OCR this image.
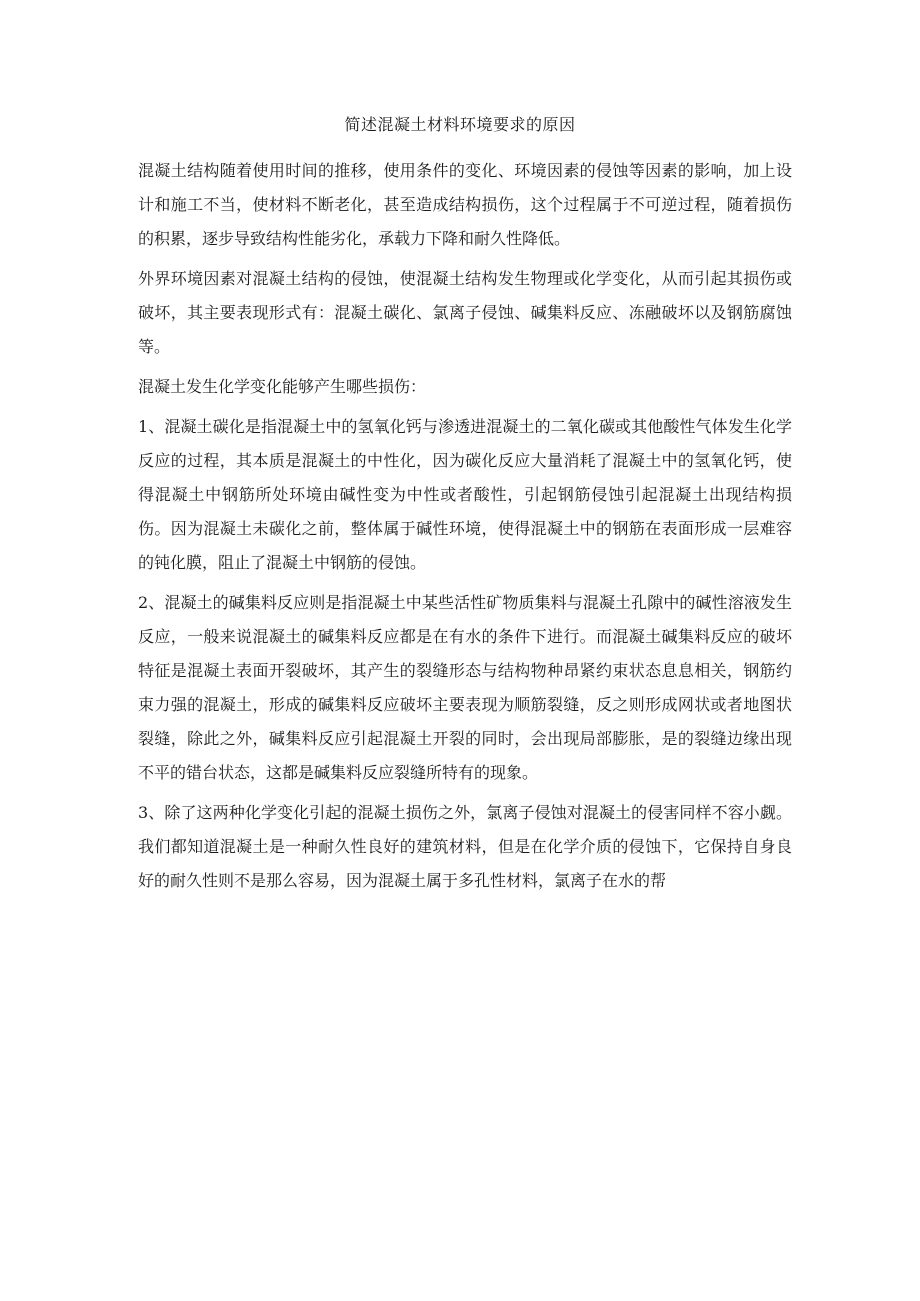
简述混凝土材料环境要求的原因

混凝土结构随着使用时间的推移，使用条件的变化、环境因素的侵蚀等因素的影响，加上设计和施工不当，使材料不断老化，甚至造成结构损伤，这个过程属于不可逆过程，随着损伤的积累，逐步导致结构性能劣化，承载力下降和耐久性降低。

外界环境因素对混凝土结构的侵蚀，使混凝土结构发生物理或化学变化，从而引起其损伤或破坏，其主要表现形式有：混凝土碳化、氯离子侵蚀、碱集料反应、冻融破坏以及钢筋腐蚀等。

混凝土发生化学变化能够产生哪些损伤：

1、混凝土碳化是指混凝土中的氢氧化钙与渗透进混凝土的二氧化碳或其他酸性气体发生化学反应的过程，其本质是混凝土的中性化，因为碳化反应大量消耗了混凝土中的氢氧化钙，使得混凝土中钢筋所处环境由碱性变为中性或者酸性，引起钢筋侵蚀引起混凝土出现结构损伤。因为混凝土未碳化之前，整体属于碱性环境，使得混凝土中的钢筋在表面形成一层难容的钝化膜，阻止了混凝土中钢筋的侵蚀。

2、混凝土的碱集料反应则是指混凝土中某些活性矿物质集料与混凝土孔隙中的碱性溶液发生反应，一般来说混凝土的碱集料反应都是在有水的条件下进行。而混凝土碱集料反应的破坏特征是混凝土表面开裂破坏，其产生的裂缝形态与结构物种昂紧约束状态息息相关，钢筋约束力强的混凝土，形成的碱集料反应破坏主要表现为顺筋裂缝，反之则形成网状或者地图状裂缝，除此之外，碱集料反应引起混凝土开裂的同时，会出现局部膨胀，是的裂缝边缘出现不平的错台状态，这都是碱集料反应裂缝所特有的现象。

3、除了这两种化学变化引起的混凝土损伤之外，氯离子侵蚀对混凝土的侵害同样不容小觑。我们都知道混凝土是一种耐久性良好的建筑材料，但是在化学介质的侵蚀下，它保持自身良好的耐久性则不是那么容易，因为混凝土属于多孔性材料，氯离子在水的帮
